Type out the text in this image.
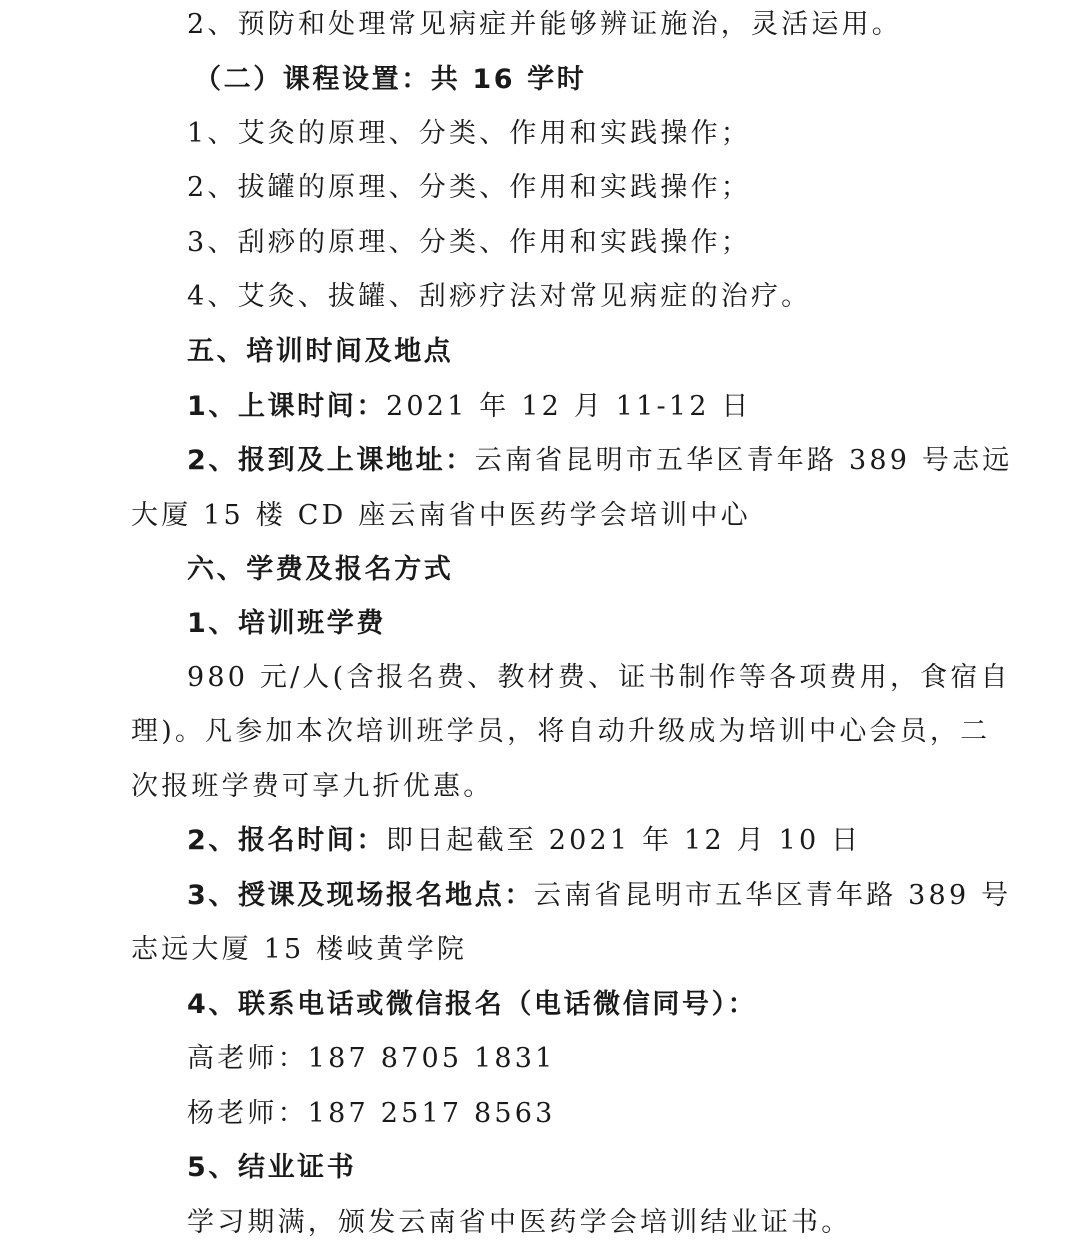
2、预防和处理常见病症并能够辨证施治，灵活运用。
（二）课程设置：共 16 学时
1、艾灸的原理、分类、作用和实践操作；
2、拔罐的原理、分类、作用和实践操作；
3、刮痧的原理、分类、作用和实践操作；
4、艾灸、拔罐、刮痧疗法对常见病症的治疗。
五、培训时间及地点
1、上课时间：2021 年 12 月 11-12 日
2、报到及上课地址：云南省昆明市五华区青年路 389 号志远
大厦 15 楼 CD 座云南省中医药学会培训中心
六、学费及报名方式
1、培训班学费
980 元/人(含报名费、教材费、证书制作等各项费用，食宿自
理)。凡参加本次培训班学员，将自动升级成为培训中心会员，二
次报班学费可享九折优惠。
2、报名时间：即日起截至 2021 年 12 月 10 日
3、授课及现场报名地点：云南省昆明市五华区青年路 389 号
志远大厦 15 楼岐黄学院
4、联系电话或微信报名（电话微信同号）：
高老师：187 8705 1831
杨老师：187 2517 8563
5、结业证书
学习期满，颁发云南省中医药学会培训结业证书。
